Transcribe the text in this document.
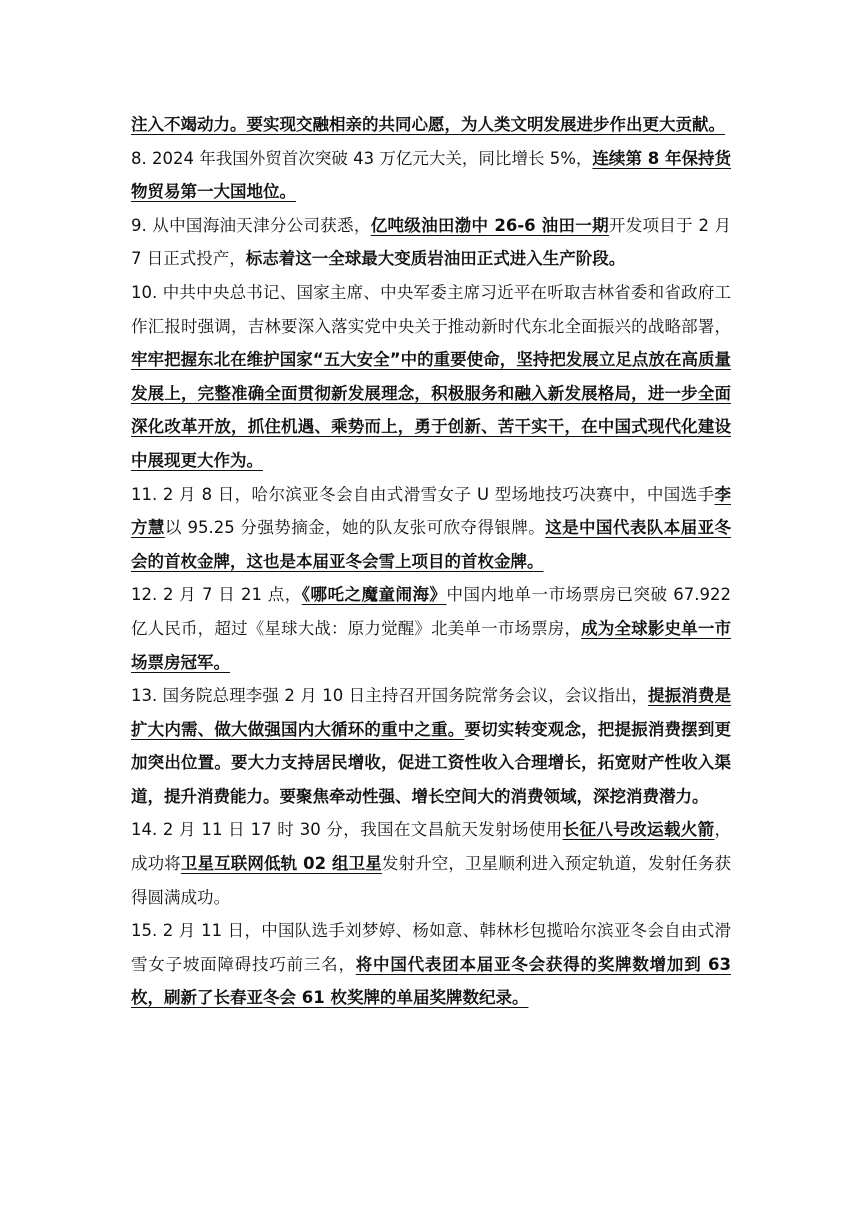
注入不竭动力。要实现交融相亲的共同心愿，为人类文明发展进步作出更大贡献。

8. 2024 年我国外贸首次突破 43 万亿元大关，同比增长 5%，连续第 8 年保持货物贸易第一大国地位。

9. 从中国海油天津分公司获悉，亿吨级油田渤中 26-6 油田一期开发项目于 2 月 7 日正式投产，标志着这一全球最大变质岩油田正式进入生产阶段。

10. 中共中央总书记、国家主席、中央军委主席习近平在听取吉林省委和省政府工作汇报时强调，吉林要深入落实党中央关于推动新时代东北全面振兴的战略部署，牢牢把握东北在维护国家“五大安全”中的重要使命，坚持把发展立足点放在高质量发展上，完整准确全面贯彻新发展理念，积极服务和融入新发展格局，进一步全面深化改革开放，抓住机遇、乘势而上，勇于创新、苦干实干，在中国式现代化建设中展现更大作为。

11. 2 月 8 日，哈尔滨亚冬会自由式滑雪女子 U 型场地技巧决赛中，中国选手李方慧以 95.25 分强势摘金，她的队友张可欣夺得银牌。这是中国代表队本届亚冬会的首枚金牌，这也是本届亚冬会雪上项目的首枚金牌。

12. 2 月 7 日 21 点，《哪吒之魔童闹海》中国内地单一市场票房已突破 67.922 亿人民币，超过《星球大战：原力觉醒》北美单一市场票房，成为全球影史单一市场票房冠军。

13. 国务院总理李强 2 月 10 日主持召开国务院常务会议，会议指出，提振消费是扩大内需、做大做强国内大循环的重中之重。要切实转变观念，把提振消费摆到更加突出位置。要大力支持居民增收，促进工资性收入合理增长，拓宽财产性收入渠道，提升消费能力。要聚焦牵动性强、增长空间大的消费领域，深挖消费潜力。

14. 2 月 11 日 17 时 30 分，我国在文昌航天发射场使用长征八号改运载火箭，成功将卫星互联网低轨 02 组卫星发射升空，卫星顺利进入预定轨道，发射任务获得圆满成功。

15. 2 月 11 日，中国队选手刘梦婷、杨如意、韩林杉包揽哈尔滨亚冬会自由式滑雪女子坡面障碍技巧前三名，将中国代表团本届亚冬会获得的奖牌数增加到 63 枚，刷新了长春亚冬会 61 枚奖牌的单届奖牌数纪录。
